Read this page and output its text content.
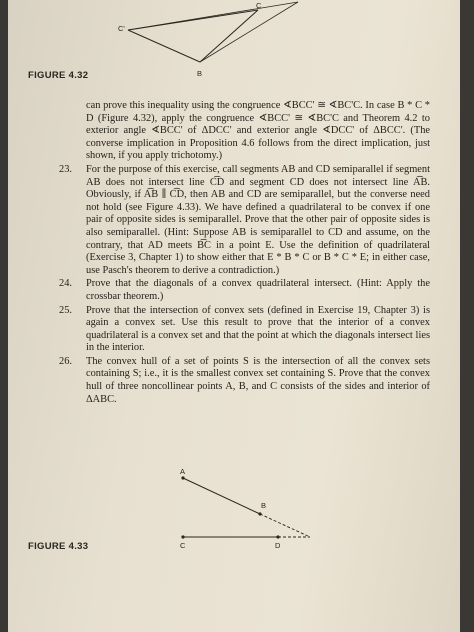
C'
C
B
FIGURE 4.32

can prove this inequality using the congruence ∢BCC' ≅ ∢BC'C. In case B * C * D (Figure 4.32), apply the congruence ∢BCC' ≅ ∢BC'C and Theorem 4.2 to exterior angle ∢BCC' of ΔDCC' and exterior angle ∢DCC' of ΔBCC'. (The converse implication in Proposition 4.6 follows from the direct implication, just shown, if you apply trichotomy.)

23.	For the purpose of this exercise, call segments AB and CD semiparallel if segment AB does not intersect line C͡D and segment CD does not intersect line A͡B. Obviously, if A͡B ∥ C͡D, then AB and CD are semiparallel, but the converse need not hold (see Figure 4.33). We have defined a quadrilateral to be convex if one pair of opposite sides is semiparallel. Prove that the other pair of opposite sides is also semiparallel. (Hint: Suppose AB is semiparallel to CD and assume, on the contrary, that AD meets B͡C in a point E. Use the definition of quadrilateral (Exercise 3, Chapter 1) to show either that E * B * C or B * C * E; in either case, use Pasch's theorem to derive a contradiction.)
24.	Prove that the diagonals of a convex quadrilateral intersect. (Hint: Apply the crossbar theorem.)
25.	Prove that the intersection of convex sets (defined in Exercise 19, Chapter 3) is again a convex set. Use this result to prove that the interior of a convex quadrilateral is a convex set and that the point at which the diagonals intersect lies in the interior.
26.	The convex hull of a set of points S is the intersection of all the convex sets containing S; i.e., it is the smallest convex set containing S. Prove that the convex hull of three noncollinear points A, B, and C consists of the sides and interior of ΔABC.
A
B
C	D
FIGURE 4.33
